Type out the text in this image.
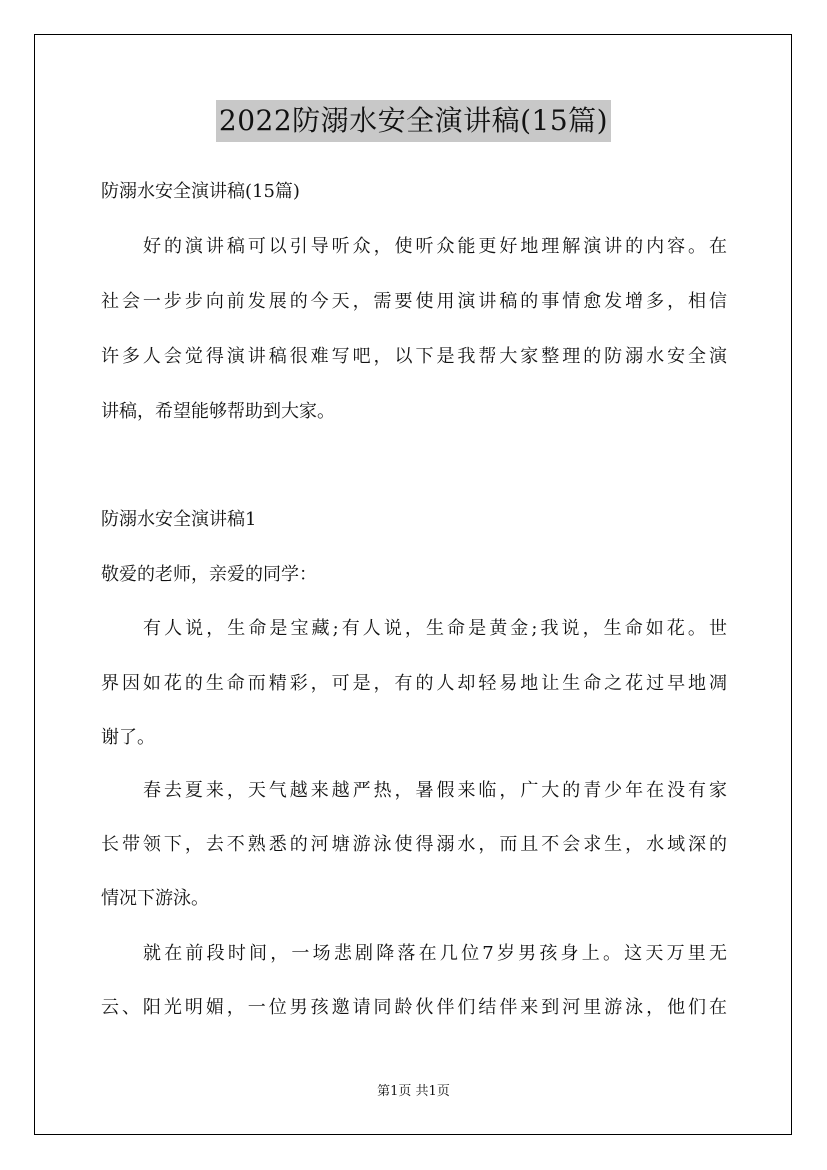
2022防溺水安全演讲稿(15篇)
防溺水安全演讲稿(15篇)
好的演讲稿可以引导听众，使听众能更好地理解演讲的内容。在
社会一步步向前发展的今天，需要使用演讲稿的事情愈发增多，相信
许多人会觉得演讲稿很难写吧，以下是我帮大家整理的防溺水安全演
讲稿，希望能够帮助到大家。
防溺水安全演讲稿1
敬爱的老师，亲爱的同学：
有人说，生命是宝藏;有人说，生命是黄金;我说，生命如花。世
界因如花的生命而精彩，可是，有的人却轻易地让生命之花过早地凋
谢了。
春去夏来，天气越来越严热，暑假来临，广大的青少年在没有家
长带领下，去不熟悉的河塘游泳使得溺水，而且不会求生，水域深的
情况下游泳。
就在前段时间，一场悲剧降落在几位7岁男孩身上。这天万里无
云、阳光明媚，一位男孩邀请同龄伙伴们结伴来到河里游泳，他们在
第1页 共1页
